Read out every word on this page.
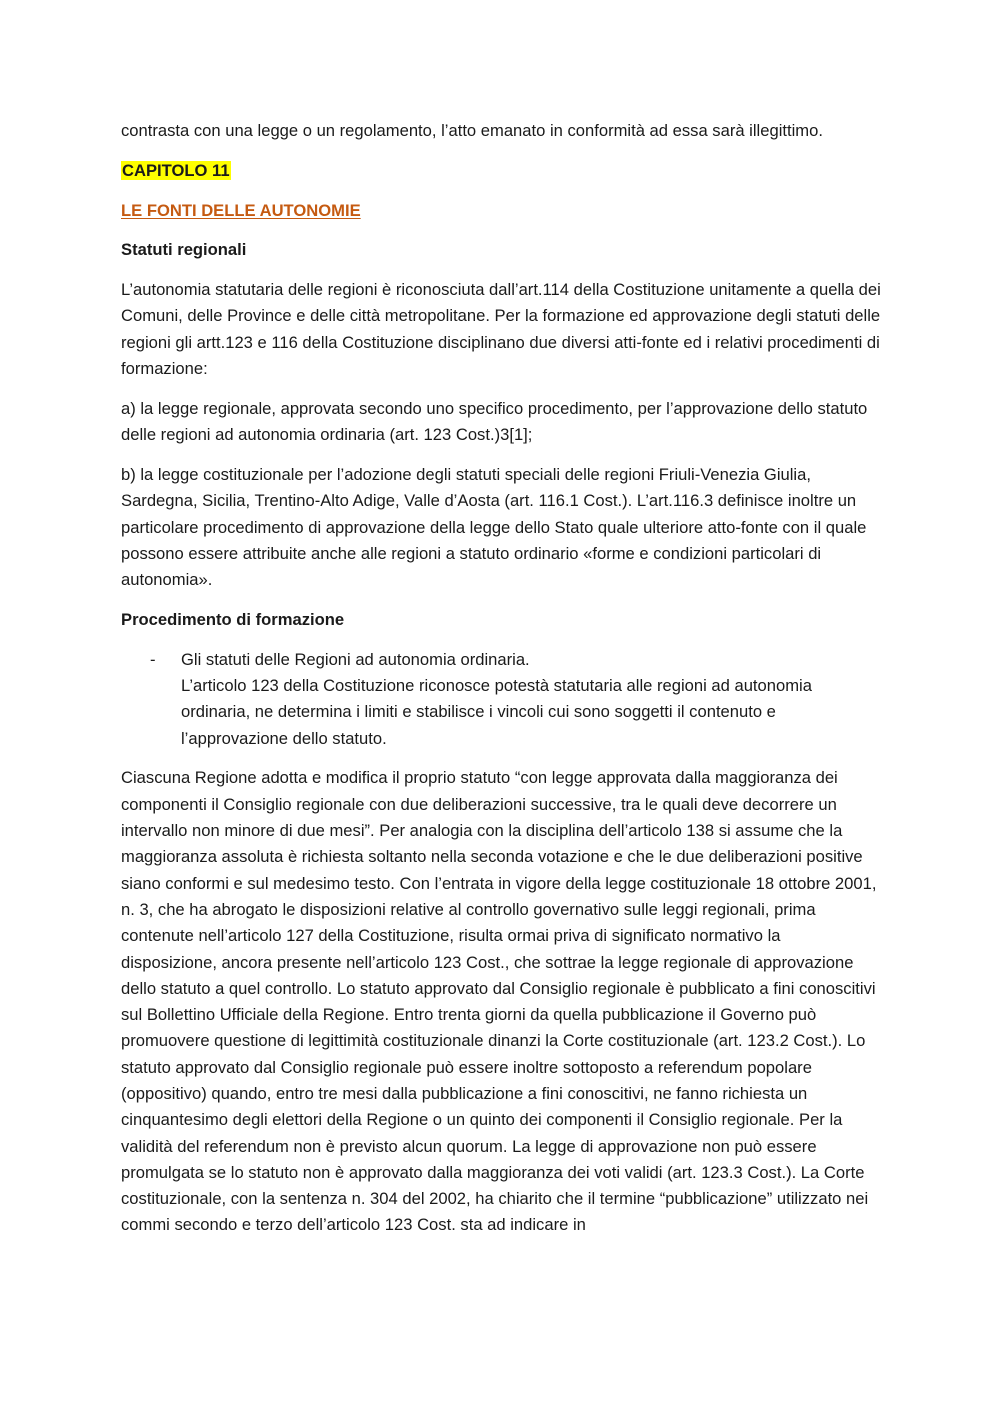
contrasta con una legge o un regolamento, l’atto emanato in conformità ad essa sarà illegittimo.

CAPITOLO 11

LE FONTI DELLE AUTONOMIE

Statuti regionali

L’autonomia statutaria delle regioni è riconosciuta dall’art.114 della Costituzione unitamente a quella dei Comuni, delle Province e delle città metropolitane. Per la formazione ed approvazione degli statuti delle regioni gli artt.123 e 116 della Costituzione disciplinano due diversi atti-fonte ed i relativi procedimenti di formazione:

a) la legge regionale, approvata secondo uno specifico procedimento, per l’approvazione dello statuto delle regioni ad autonomia ordinaria (art. 123 Cost.)3[1];

b) la legge costituzionale per l’adozione degli statuti speciali delle regioni Friuli-Venezia Giulia, Sardegna, Sicilia, Trentino-Alto Adige, Valle d’Aosta (art. 116.1 Cost.). L’art.116.3 definisce inoltre un particolare procedimento di approvazione della legge dello Stato quale ulteriore atto-fonte con il quale possono essere attribuite anche alle regioni a statuto ordinario «forme e condizioni particolari di autonomia».

Procedimento di formazione

- Gli statuti delle Regioni ad autonomia ordinaria.
L’articolo 123 della Costituzione riconosce potestà statutaria alle regioni ad autonomia ordinaria, ne determina i limiti e stabilisce i vincoli cui sono soggetti il contenuto e l’approvazione dello statuto.

Ciascuna Regione adotta e modifica il proprio statuto “con legge approvata dalla maggioranza dei componenti il Consiglio regionale con due deliberazioni successive, tra le quali deve decorrere un intervallo non minore di due mesi”. Per analogia con la disciplina dell’articolo 138 si assume che la maggioranza assoluta è richiesta soltanto nella seconda votazione e che le due deliberazioni positive siano conformi e sul medesimo testo. Con l’entrata in vigore della legge costituzionale 18 ottobre 2001, n. 3, che ha abrogato le disposizioni relative al controllo governativo sulle leggi regionali, prima contenute nell’articolo 127 della Costituzione, risulta ormai priva di significato normativo la disposizione, ancora presente nell’articolo 123 Cost., che sottrae la legge regionale di approvazione dello statuto a quel controllo. Lo statuto approvato dal Consiglio regionale è pubblicato a fini conoscitivi sul Bollettino Ufficiale della Regione. Entro trenta giorni da quella pubblicazione il Governo può promuovere questione di legittimità costituzionale dinanzi la Corte costituzionale (art. 123.2 Cost.). Lo statuto approvato dal Consiglio regionale può essere inoltre sottoposto a referendum popolare (oppositivo) quando, entro tre mesi dalla pubblicazione a fini conoscitivi, ne fanno richiesta un cinquantesimo degli elettori della Regione o un quinto dei componenti il Consiglio regionale. Per la validità del referendum non è previsto alcun quorum. La legge di approvazione non può essere promulgata se lo statuto non è approvato dalla maggioranza dei voti validi (art. 123.3 Cost.). La Corte costituzionale, con la sentenza n. 304 del 2002, ha chiarito che il termine “pubblicazione” utilizzato nei commi secondo e terzo dell’articolo 123 Cost. sta ad indicare in
